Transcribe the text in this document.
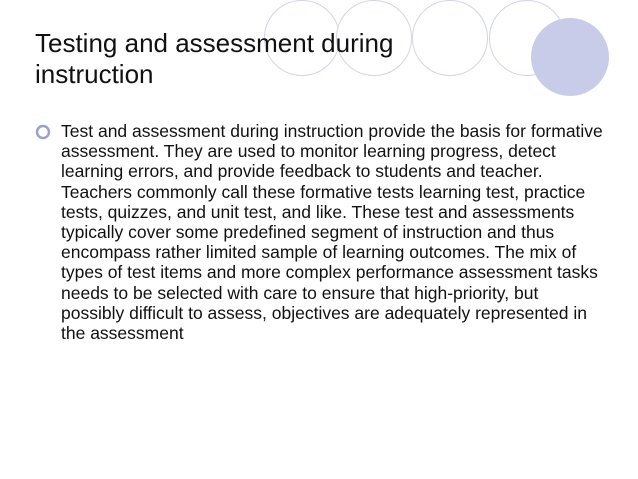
Testing and assessment during instruction

Test and assessment during instruction provide the basis for formative assessment. They are used to monitor learning progress, detect learning errors, and provide feedback to students and teacher. Teachers commonly call these formative tests learning test, practice tests, quizzes, and unit test, and like. These test and assessments typically cover some predefined segment of instruction and thus encompass rather limited sample of learning outcomes. The mix of types of test items and more complex performance assessment tasks needs to be selected with care to ensure that high-priority, but possibly difficult to assess, objectives are adequately represented in the assessment
